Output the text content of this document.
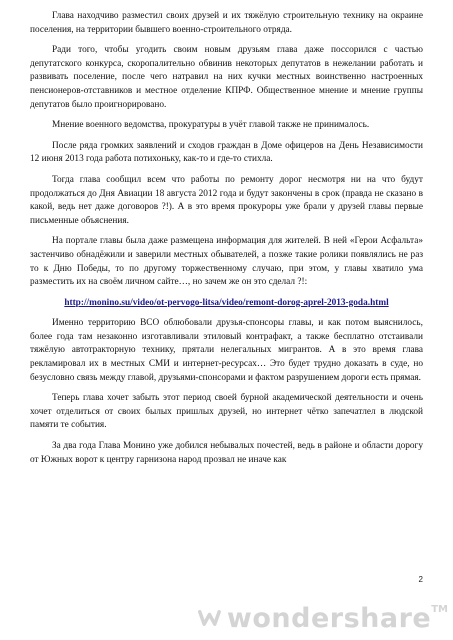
Глава находчиво разместил своих друзей и их тяжёлую строительную технику на окраине поселения, на территории бывшего военно-строительного отряда.

Ради того, чтобы угодить своим новым друзьям глава даже поссорился с частью депутатского конкурса, скоропалительно обвинив некоторых депутатов в нежелании работать и развивать поселение, после чего натравил на них кучки местных воинственно настроенных пенсионеров-отставников и местное отделение КПРФ. Общественное мнение и мнение группы депутатов было проигнорировано.

Мнение военного ведомства, прокуратуры в учёт главой также не принималось.

После ряда громких заявлений и сходов граждан в Доме офицеров на День Независимости 12 июня 2013 года работа потихоньку, как-то и где-то стихла.

Тогда глава сообщил всем что работы по ремонту дорог несмотря ни на что будут продолжаться до Дня Авиации 18 августа 2012 года и будут закончены в срок (правда не сказано в какой, ведь нет даже договоров ?!). А в это время прокуроры уже брали у друзей главы первые письменные объяснения.

На портале главы была даже размещена информация для жителей. В ней «Герои Асфальта» застенчиво обнадёжили и заверили местных обывателей, а позже такие ролики появлялись не раз то к Дню Победы, то по другому торжественному случаю, при этом, у главы хватило ума разместить их на своём личном сайте…, но зачем же он это сделал ?!:

http://monino.su/video/ot-pervogo-litsa/video/remont-dorog-aprel-2013-goda.html

Именно территорию ВСО облюбовали друзья-спонсоры главы, и как потом выяснилось, более года там незаконно изготавливали этиловый контрафакт, а также бесплатно отстаивали тяжёлую автотракторную технику, прятали нелегальных мигрантов. А в это время глава рекламировал их в местных СМИ и интернет-ресурсах… Это будет трудно доказать в суде, но безусловно связь между главой, друзьями-спонсорами и фактом разрушением дороги есть прямая.

Теперь глава хочет забыть этот период своей бурной академической деятельности и очень хочет отделиться от своих былых пришлых друзей, но интернет чётко запечатлел в людской памяти те события.

За два года Глава Монино уже добился небывалых почестей, ведь в районе и области дорогу от Южных ворот к центру гарнизона народ прозвал не иначе как

2
wondershare TM
